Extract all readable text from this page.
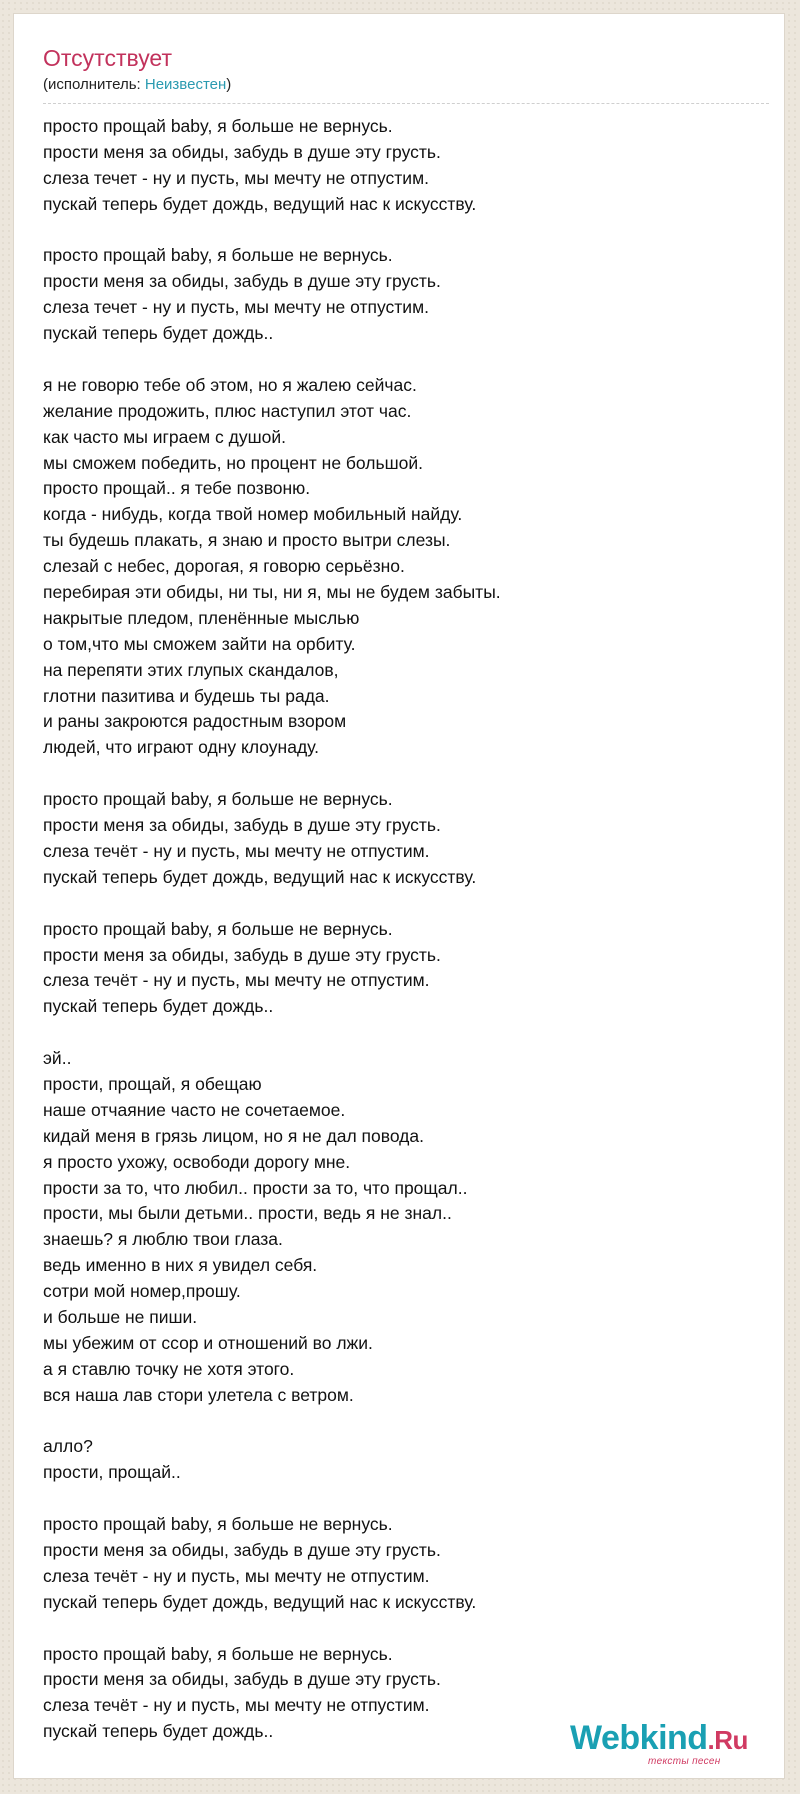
Отсутствует
(исполнитель: Неизвестен)
просто прощай baby, я больше не вернусь.
прости меня за обиды, забудь в душе эту грусть.
слеза течет - ну и пусть, мы мечту не отпустим.
пускай теперь будет дождь, ведущий нас к искусству.
просто прощай baby, я больше не вернусь.
прости меня за обиды, забудь в душе эту грусть.
слеза течет - ну и пусть, мы мечту не отпустим.
пускай теперь будет дождь..
я не говорю тебе об этом, но я жалею сейчас.
желание продожить, плюс наступил этот час.
как часто мы играем с душой.
мы сможем победить, но процент не большой.
просто прощай.. я тебе позвоню.
когда - нибудь, когда твой номер мобильный найду.
ты будешь плакать, я знаю и просто вытри слезы.
слезай с небес, дорогая, я говорю серьёзно.
перебирая эти обиды, ни ты, ни я, мы не будем забыты.
накрытые пледом, пленённые мыслью
о том,что мы сможем зайти на орбиту.
на перепяти этих глупых скандалов,
глотни пазитива и будешь ты рада.
и раны закроются радостным взором
людей, что играют одну клоунаду.
просто прощай baby, я больше не вернусь.
прости меня за обиды, забудь в душе эту грусть.
слеза течёт - ну и пусть, мы мечту не отпустим.
пускай теперь будет дождь, ведущий нас к искусству.
просто прощай baby, я больше не вернусь.
прости меня за обиды, забудь в душе эту грусть.
слеза течёт - ну и пусть, мы мечту не отпустим.
пускай теперь будет дождь..
эй..
прости, прощай, я обещаю
наше отчаяние часто не сочетаемое.
кидай меня в грязь лицом, но я не дал повода.
я просто ухожу, освободи дорогу мне.
прости за то, что любил.. прости за то, что прощал..
прости, мы были детьми.. прости, ведь я не знал..
знаешь? я люблю твои глаза.
ведь именно в них я увидел себя.
сотри мой номер,прошу.
и больше не пиши.
мы убежим от ссор и отношений во лжи.
а я ставлю точку не хотя этого.
вся наша лав стори улетела с ветром.
алло?
прости, прощай..
просто прощай baby, я больше не вернусь.
прости меня за обиды, забудь в душе эту грусть.
слеза течёт - ну и пусть, мы мечту не отпустим.
пускай теперь будет дождь, ведущий нас к искусству.
просто прощай baby, я больше не вернусь.
прости меня за обиды, забудь в душе эту грусть.
слеза течёт - ну и пусть, мы мечту не отпустим.
пускай теперь будет дождь..	Webkind.Ru
тексты песен
